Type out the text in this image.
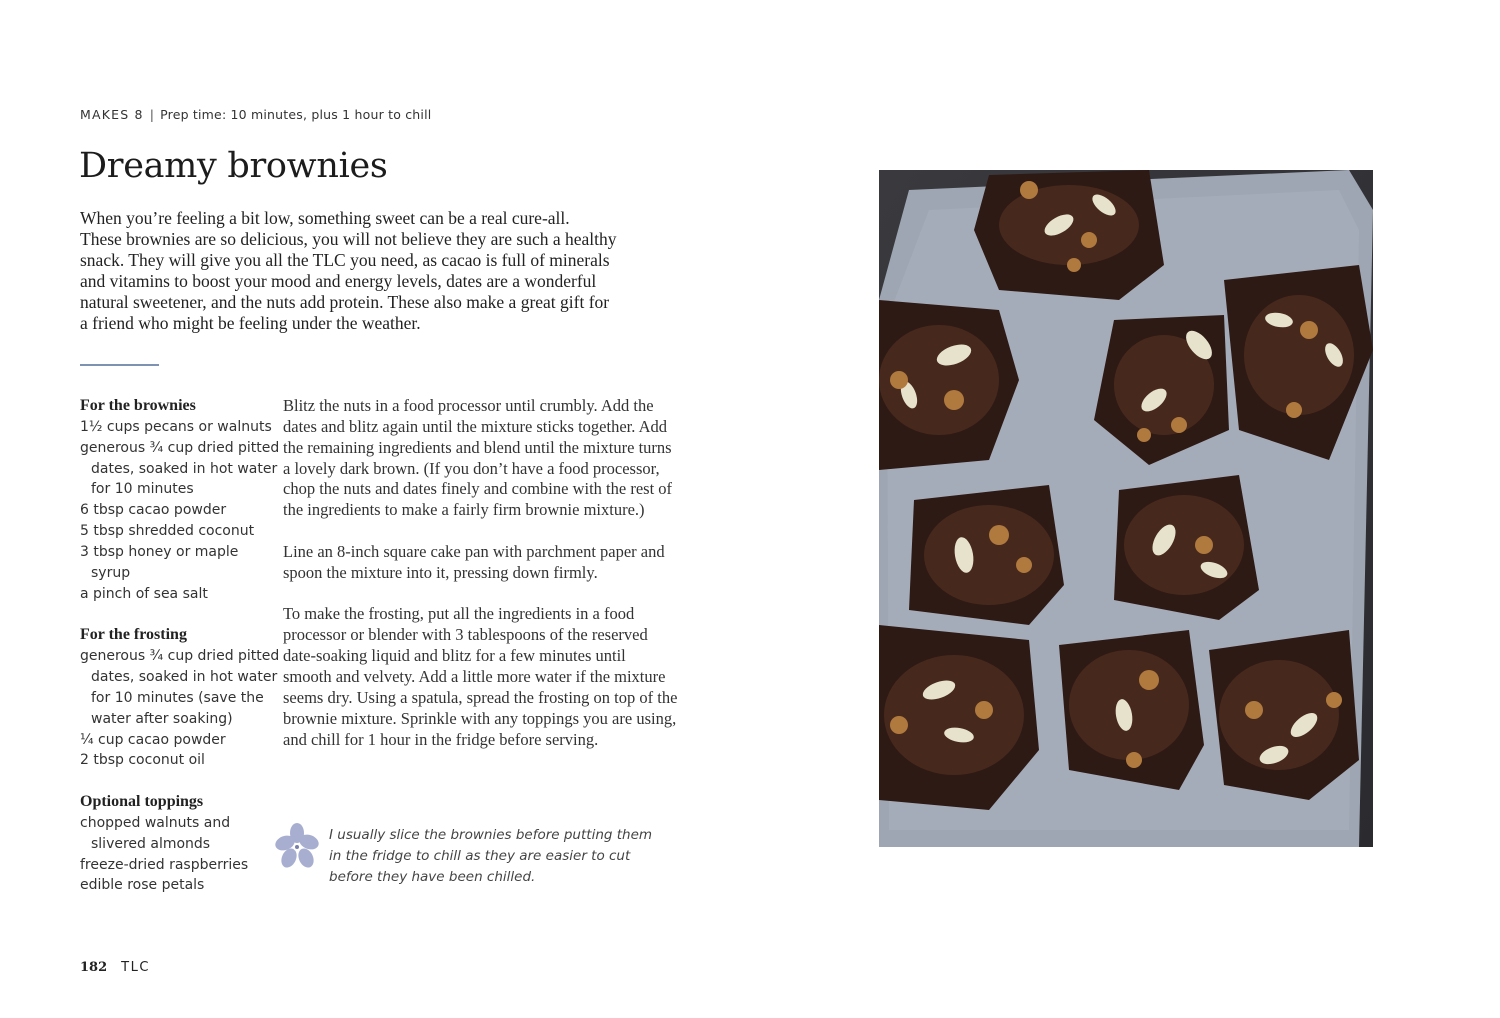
MAKES 8 | Prep time: 10 minutes, plus 1 hour to chill
Dreamy brownies

When you’re feeling a bit low, something sweet can be a real cure-all.
These brownies are so delicious, you will not believe they are such a healthy
snack. They will give you all the TLC you need, as cacao is full of minerals
and vitamins to boost your mood and energy levels, dates are a wonderful
natural sweetener, and the nuts add protein. These also make a great gift for
a friend who might be feeling under the weather.

For the brownies
1½ cups pecans or walnuts
generous ¾ cup dried pitted dates, soaked in hot water for 10 minutes
6 tbsp cacao powder
5 tbsp shredded coconut
3 tbsp honey or maple syrup
a pinch of sea salt
For the frosting
generous ¾ cup dried pitted dates, soaked in hot water for 10 minutes (save the water after soaking)
¼ cup cacao powder
2 tbsp coconut oil
Optional toppings
chopped walnuts and slivered almonds
freeze-dried raspberries
edible rose petals

Blitz the nuts in a food processor until crumbly. Add the dates and blitz again until the mixture sticks together. Add the remaining ingredients and blend until the mixture turns a lovely dark brown. (If you don’t have a food processor, chop the nuts and dates finely and combine with the rest of the ingredients to make a fairly firm brownie mixture.)

Line an 8-inch square cake pan with parchment paper and spoon the mixture into it, pressing down firmly.

To make the frosting, put all the ingredients in a food processor or blender with 3 tablespoons of the reserved date-soaking liquid and blitz for a few minutes until smooth and velvety. Add a little more water if the mixture seems dry. Using a spatula, spread the frosting on top of the brownie mixture. Sprinkle with any toppings you are using, and chill for 1 hour in the fridge before serving.

I usually slice the brownies before putting them in the fridge to chill as they are easier to cut before they have been chilled.
182 TLC
